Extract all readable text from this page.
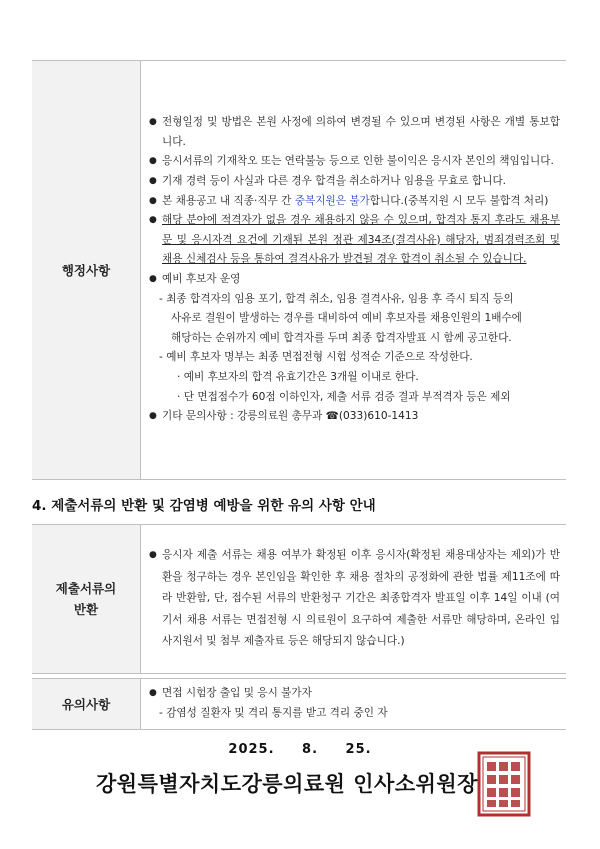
행정사항	
● 전형일정 및 방법은 본원 사정에 의하여 변경될 수 있으며 변경된 사항은 개별 통보합니다.
● 응시서류의 기재착오 또는 연락불능 등으로 인한 불이익은 응시자 본인의 책임입니다.
● 기재 경력 등이 사실과 다른 경우 합격을 취소하거나 임용을 무효로 합니다.
● 본 채용공고 내 직종·직무 간 중복지원은 불가합니다.(중복지원 시 모두 불합격 처리)
● 해당 분야에 적격자가 없을 경우 채용하지 않을 수 있으며, 합격자 통지 후라도 채용부문 및 응시자격 요건에 기재된 본원 정관 제34조(결격사유) 해당자, 범죄경력조회 및 채용 신체검사 등을 통하여 결격사유가 발견될 경우 합격이 취소될 수 있습니다.
● 예비 후보자 운영
- 최종 합격자의 임용 포기, 합격 취소, 임용 결격사유, 임용 후 즉시 퇴직 등의
사유로 결원이 발생하는 경우를 대비하여 예비 후보자를 채용인원의 1배수에
해당하는 순위까지 예비 합격자를 두며 최종 합격자발표 시 함께 공고한다.
- 예비 후보자 명부는 최종 면접전형 시험 성적순 기준으로 작성한다.
· 예비 후보자의 합격 유효기간은 3개월 이내로 한다.
· 단 면접점수가 60점 이하인자, 제출 서류 검증 결과 부적격자 등은 제외
● 기타 문의사항 : 강릉의료원 총무과 ☎(033)610-1413
4. 제출서류의 반환 및 감염병 예방을 위한 유의 사항 안내
제출서류의
반환

● 응시자 제출 서류는 채용 여부가 확정된 이후 응시자(확정된 채용대상자는 제외)가 반환을 청구하는 경우 본인임을 확인한 후 채용 절차의 공정화에 관한 법률 제11조에 따라 반환함, 단, 접수된 서류의 반환청구 기간은 최종합격자 발표일 이후 14일 이내 (여기서 채용 서류는 면접전형 시 의료원이 요구하여 제출한 서류만 해당하며, 온라인 입사지원서 및 첨부 제출자료 등은 해당되지 않습니다.)
유의사항	
● 면접 시험장 출입 및 응시 불가자
- 감염성 질환자 및 격리 통지를 받고 격리 중인 자
2025. 8. 25.
강원특별자치도강릉의료원 인사소위원장
